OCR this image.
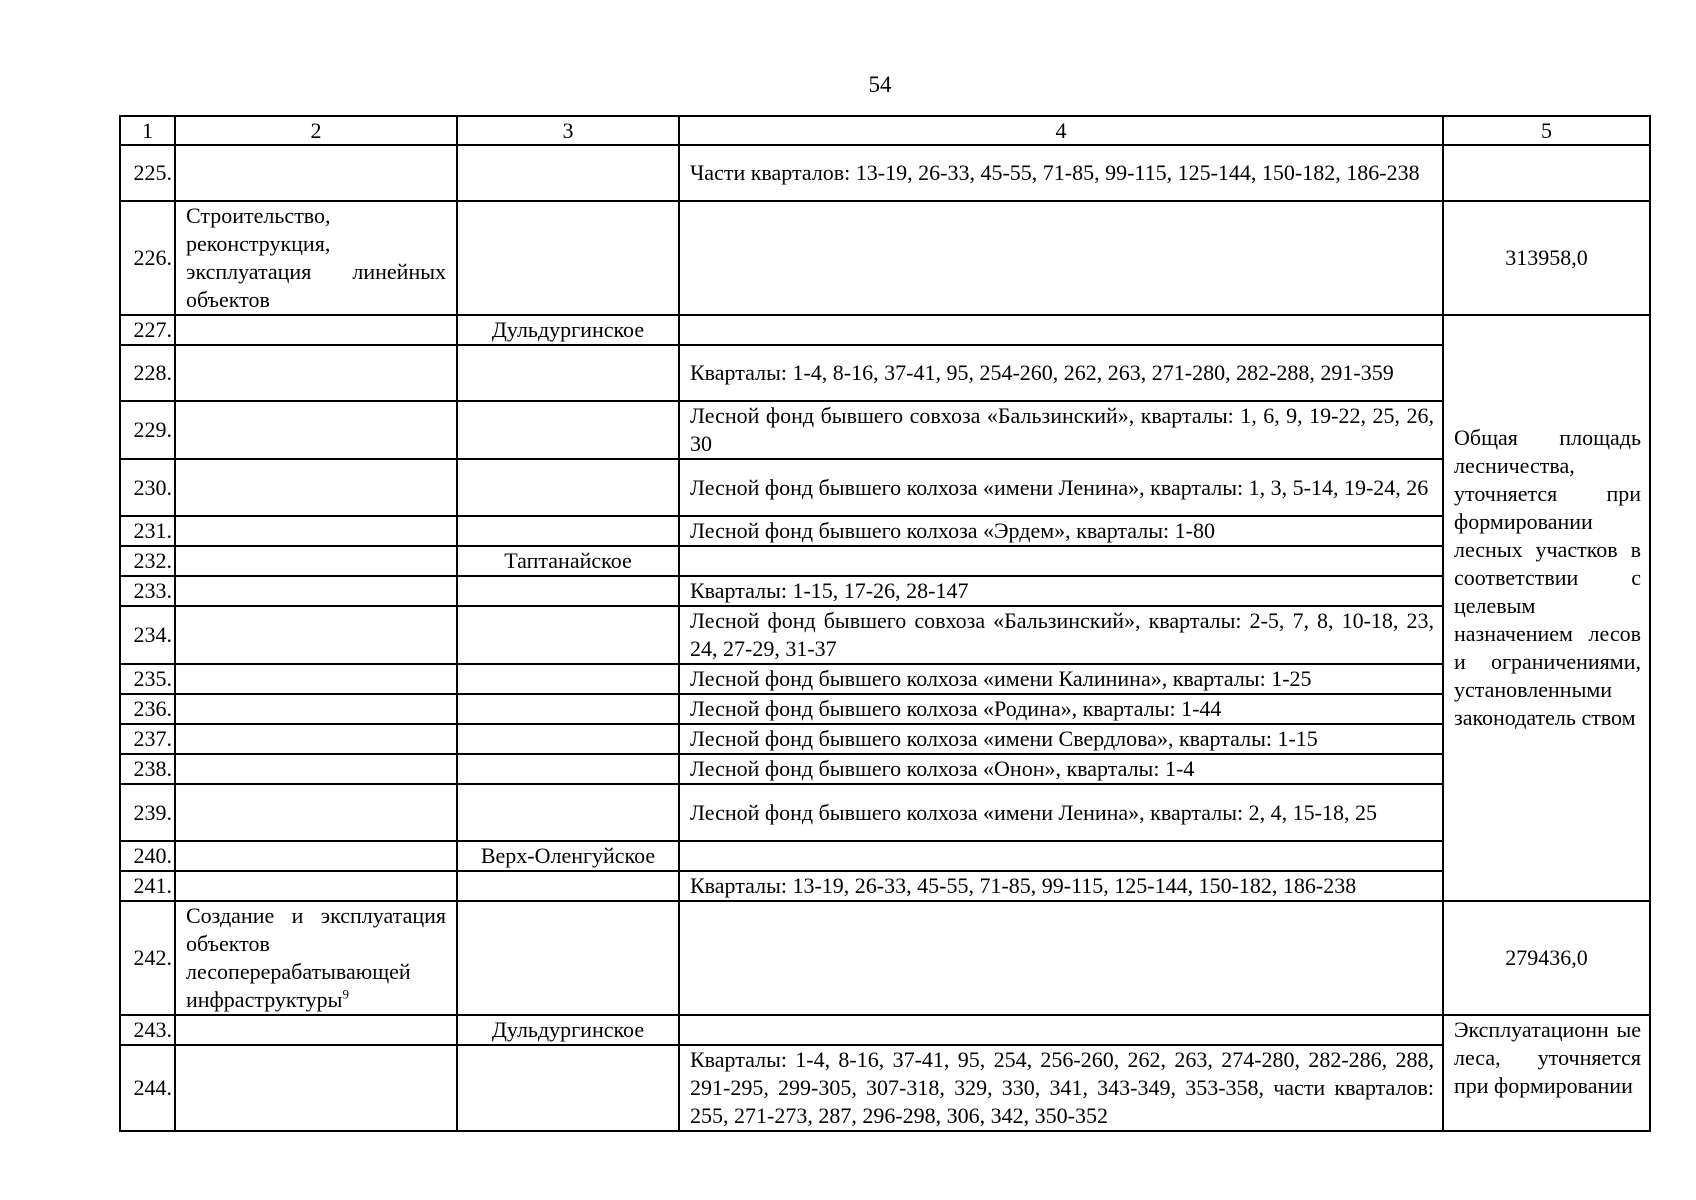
54
1	2	3	4	5
225.			Части кварталов: 13-19, 26-33, 45-55, 71-85, 99-115, 125-144, 150-182, 186-238	
226.	Строительство, реконструкция, эксплуатация линейных объектов			313958,0
227.		Дульдургинское		Общая площадь лесничества, уточняется при формировании лесных участков в соответствии с целевым назначением лесов и ограничениями, установленными законодатель ством
228.			Кварталы: 1-4, 8-16, 37-41, 95, 254-260, 262, 263, 271-280, 282-288, 291-359	
229.			Лесной фонд бывшего совхоза «Бальзинский», кварталы: 1, 6, 9, 19-22, 25, 26, 30	
230.			Лесной фонд бывшего колхоза «имени Ленина», кварталы: 1, 3, 5-14, 19-24, 26	
231.			Лесной фонд бывшего колхоза «Эрдем», кварталы: 1-80	
232.		Таптанайское		
233.			Кварталы: 1-15, 17-26, 28-147	
234.			Лесной фонд бывшего совхоза «Бальзинский», кварталы: 2-5, 7, 8, 10-18, 23, 24, 27-29, 31-37	
235.			Лесной фонд бывшего колхоза «имени Калинина», кварталы: 1-25	
236.			Лесной фонд бывшего колхоза «Родина», кварталы: 1-44	
237.			Лесной фонд бывшего колхоза «имени Свердлова», кварталы: 1-15	
238.			Лесной фонд бывшего колхоза «Онон», кварталы: 1-4	
239.			Лесной фонд бывшего колхоза «имени Ленина», кварталы: 2, 4, 15-18, 25	
240.		Верх-Оленгуйское		
241.			Кварталы: 13-19, 26-33, 45-55, 71-85, 99-115, 125-144, 150-182, 186-238	
242.	Создание и эксплуатация объектов лесоперерабатывающей инфраструктуры$^9$			279436,0
243.		Дульдургинское		Эксплуатационн ые леса, уточняется при формировании
244.			Кварталы: 1-4, 8-16, 37-41, 95, 254, 256-260, 262, 263, 274-280, 282-286, 288, 291-295, 299-305, 307-318, 329, 330, 341, 343-349, 353-358, части кварталов: 255, 271-273, 287, 296-298, 306, 342, 350-352	
